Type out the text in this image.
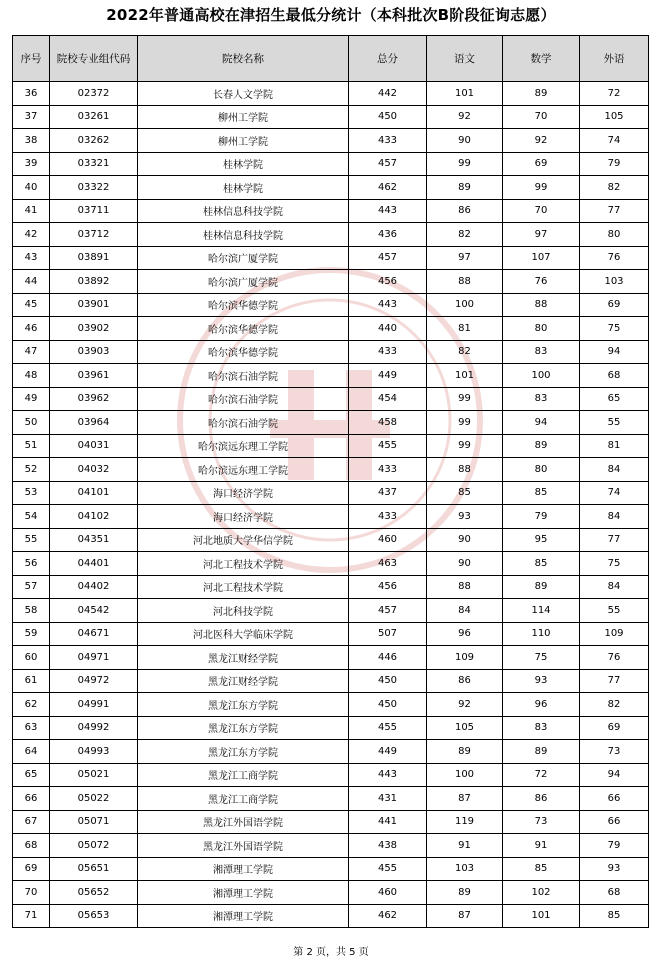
2022年普通高校在津招生最低分统计（本科批次B阶段征询志愿）
序号	院校专业组代码	院校名称	总分	语文	数学	外语
36	02372	长春人文学院	442	101	89	72
37	03261	柳州工学院	450	92	70	105
38	03262	柳州工学院	433	90	92	74
39	03321	桂林学院	457	99	69	79
40	03322	桂林学院	462	89	99	82
41	03711	桂林信息科技学院	443	86	70	77
42	03712	桂林信息科技学院	436	82	97	80
43	03891	哈尔滨广厦学院	457	97	107	76
44	03892	哈尔滨广厦学院	456	88	76	103
45	03901	哈尔滨华德学院	443	100	88	69
46	03902	哈尔滨华德学院	440	81	80	75
47	03903	哈尔滨华德学院	433	82	83	94
48	03961	哈尔滨石油学院	449	101	100	68
49	03962	哈尔滨石油学院	454	99	83	65
50	03964	哈尔滨石油学院	458	99	94	55
51	04031	哈尔滨远东理工学院	455	99	89	81
52	04032	哈尔滨远东理工学院	433	88	80	84
53	04101	海口经济学院	437	85	85	74
54	04102	海口经济学院	433	93	79	84
55	04351	河北地质大学华信学院	460	90	95	77
56	04401	河北工程技术学院	463	90	85	75
57	04402	河北工程技术学院	456	88	89	84
58	04542	河北科技学院	457	84	114	55
59	04671	河北医科大学临床学院	507	96	110	109
60	04971	黑龙江财经学院	446	109	75	76
61	04972	黑龙江财经学院	450	86	93	77
62	04991	黑龙江东方学院	450	92	96	82
63	04992	黑龙江东方学院	455	105	83	69
64	04993	黑龙江东方学院	449	89	89	73
65	05021	黑龙江工商学院	443	100	72	94
66	05022	黑龙江工商学院	431	87	86	66
67	05071	黑龙江外国语学院	441	119	73	66
68	05072	黑龙江外国语学院	438	91	91	79
69	05651	湘潭理工学院	455	103	85	93
70	05652	湘潭理工学院	460	89	102	68
71	05653	湘潭理工学院	462	87	101	85
第 2 页，共 5 页
